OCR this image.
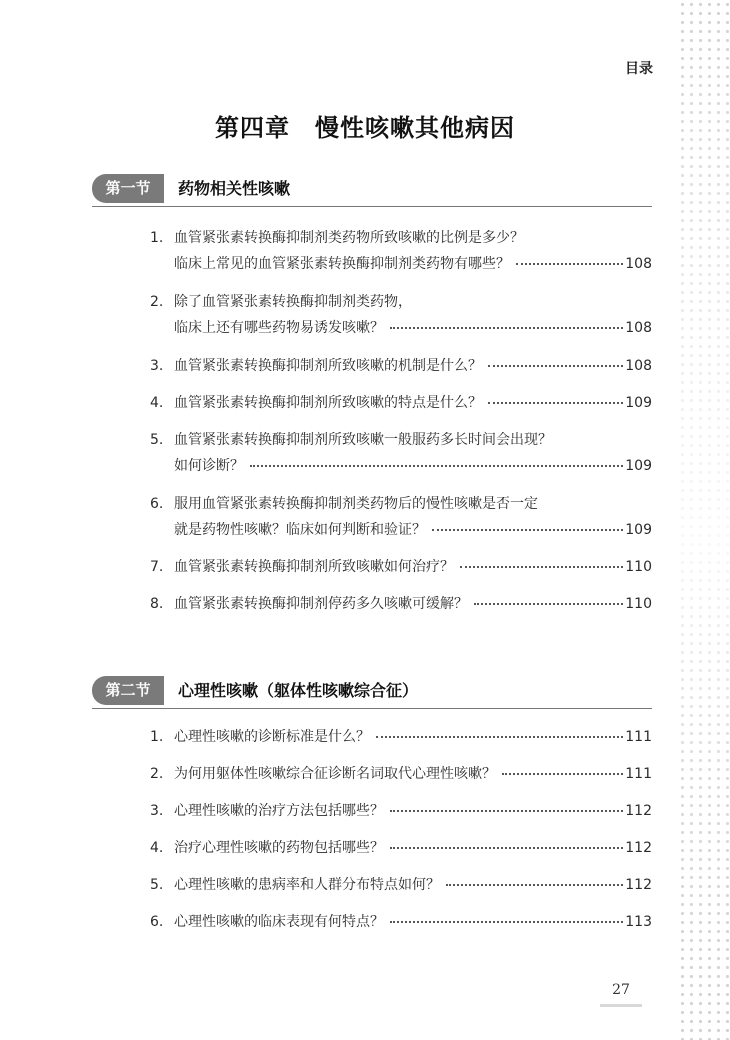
目录
第四章　慢性咳嗽其他病因
第一节	药物相关性咳嗽
1. 血管紧张素转换酶抑制剂类药物所致咳嗽的比例是多少？
临床上常见的血管紧张素转换酶抑制剂类药物有哪些？	108
2. 除了血管紧张素转换酶抑制剂类药物，
临床上还有哪些药物易诱发咳嗽？	108
3. 血管紧张素转换酶抑制剂所致咳嗽的机制是什么？	108
4. 血管紧张素转换酶抑制剂所致咳嗽的特点是什么？	109
5. 血管紧张素转换酶抑制剂所致咳嗽一般服药多长时间会出现？
如何诊断？	109
6. 服用血管紧张素转换酶抑制剂类药物后的慢性咳嗽是否一定
就是药物性咳嗽？临床如何判断和验证？	109
7. 血管紧张素转换酶抑制剂所致咳嗽如何治疗？	110
8. 血管紧张素转换酶抑制剂停药多久咳嗽可缓解？	110
第二节	心理性咳嗽（躯体性咳嗽综合征）
1. 心理性咳嗽的诊断标准是什么？	111
2. 为何用躯体性咳嗽综合征诊断名词取代心理性咳嗽？	111
3. 心理性咳嗽的治疗方法包括哪些？	112
4. 治疗心理性咳嗽的药物包括哪些？	112
5. 心理性咳嗽的患病率和人群分布特点如何？	112
6. 心理性咳嗽的临床表现有何特点？	113
27
